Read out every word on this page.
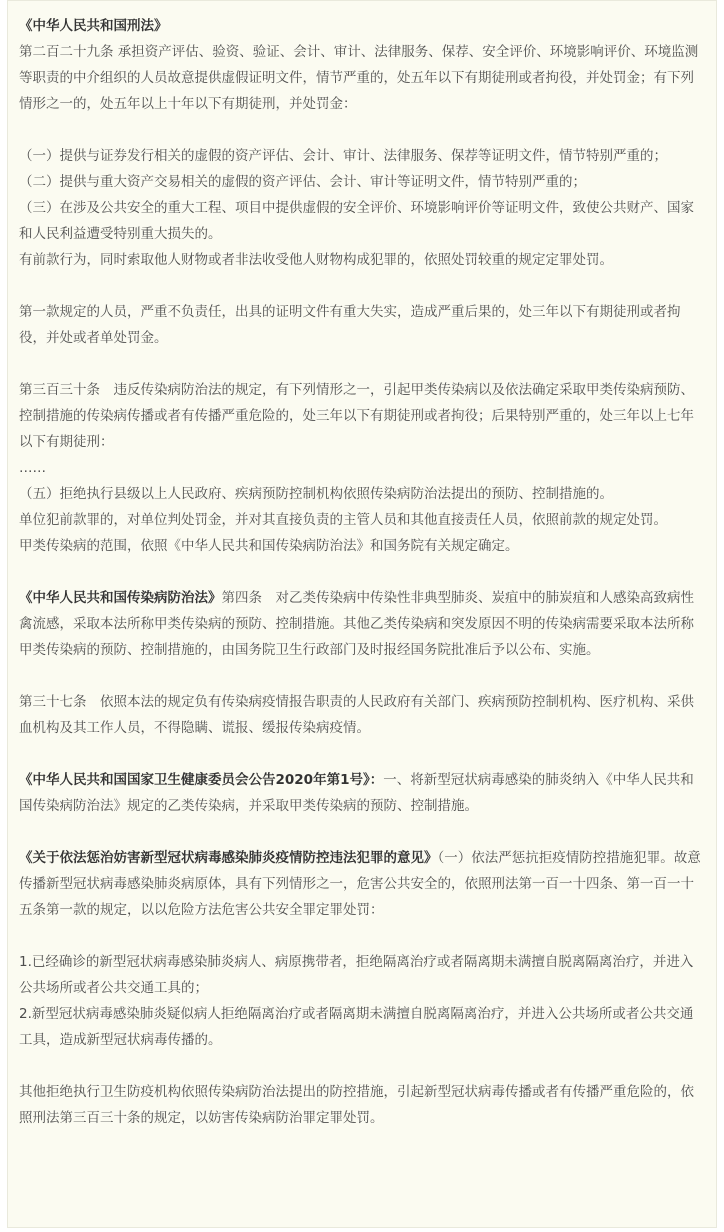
《中华人民共和国刑法》

第二百二十九条 承担资产评估、验资、验证、会计、审计、法律服务、保荐、安全评价、环境影响评价、环境监测等职责的中介组织的人员故意提供虚假证明文件，情节严重的，处五年以下有期徒刑或者拘役，并处罚金；有下列情形之一的，处五年以上十年以下有期徒刑，并处罚金：

（一）提供与证券发行相关的虚假的资产评估、会计、审计、法律服务、保荐等证明文件，情节特别严重的；

（二）提供与重大资产交易相关的虚假的资产评估、会计、审计等证明文件，情节特别严重的；

（三）在涉及公共安全的重大工程、项目中提供虚假的安全评价、环境影响评价等证明文件，致使公共财产、国家和人民利益遭受特别重大损失的。

有前款行为，同时索取他人财物或者非法收受他人财物构成犯罪的，依照处罚较重的规定定罪处罚。

第一款规定的人员，严重不负责任，出具的证明文件有重大失实，造成严重后果的，处三年以下有期徒刑或者拘役，并处或者单处罚金。

第三百三十条　违反传染病防治法的规定，有下列情形之一，引起甲类传染病以及依法确定采取甲类传染病预防、控制措施的传染病传播或者有传播严重危险的，处三年以下有期徒刑或者拘役；后果特别严重的，处三年以上七年以下有期徒刑：

……

（五）拒绝执行县级以上人民政府、疾病预防控制机构依照传染病防治法提出的预防、控制措施的。

单位犯前款罪的，对单位判处罚金，并对其直接负责的主管人员和其他直接责任人员，依照前款的规定处罚。

甲类传染病的范围，依照《中华人民共和国传染病防治法》和国务院有关规定确定。

《中华人民共和国传染病防治法》第四条　对乙类传染病中传染性非典型肺炎、炭疽中的肺炭疽和人感染高致病性禽流感，采取本法所称甲类传染病的预防、控制措施。其他乙类传染病和突发原因不明的传染病需要采取本法所称甲类传染病的预防、控制措施的，由国务院卫生行政部门及时报经国务院批准后予以公布、实施。

第三十七条　依照本法的规定负有传染病疫情报告职责的人民政府有关部门、疾病预防控制机构、医疗机构、采供血机构及其工作人员，不得隐瞒、谎报、缓报传染病疫情。

《中华人民共和国国家卫生健康委员会公告2020年第1号》：一、将新型冠状病毒感染的肺炎纳入《中华人民共和国传染病防治法》规定的乙类传染病，并采取甲类传染病的预防、控制措施。

《关于依法惩治妨害新型冠状病毒感染肺炎疫情防控违法犯罪的意见》（一）依法严惩抗拒疫情防控措施犯罪。故意传播新型冠状病毒感染肺炎病原体，具有下列情形之一，危害公共安全的，依照刑法第一百一十四条、第一百一十五条第一款的规定，以以危险方法危害公共安全罪定罪处罚：

1.已经确诊的新型冠状病毒感染肺炎病人、病原携带者，拒绝隔离治疗或者隔离期未满擅自脱离隔离治疗，并进入公共场所或者公共交通工具的；

2.新型冠状病毒感染肺炎疑似病人拒绝隔离治疗或者隔离期未满擅自脱离隔离治疗，并进入公共场所或者公共交通工具，造成新型冠状病毒传播的。

其他拒绝执行卫生防疫机构依照传染病防治法提出的防控措施，引起新型冠状病毒传播或者有传播严重危险的，依照刑法第三百三十条的规定，以妨害传染病防治罪定罪处罚。
